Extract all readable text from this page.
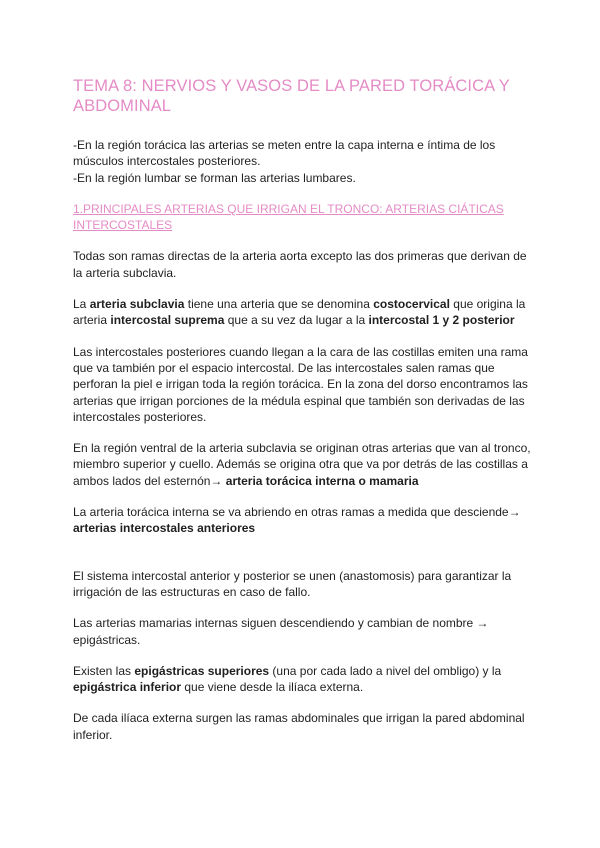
TEMA 8: NERVIOS Y VASOS DE LA PARED TORÁCICA Y ABDOMINAL

-En la región torácica las arterias se meten entre la capa interna e íntima de los músculos intercostales posteriores.

-En la región lumbar se forman las arterias lumbares.

1.PRINCIPALES ARTERIAS QUE IRRIGAN EL TRONCO: ARTERIAS CIÁTICAS INTERCOSTALES

Todas son ramas directas de la arteria aorta excepto las dos primeras que derivan de la arteria subclavia.

La arteria subclavia tiene una arteria que se denomina costocervical que origina la arteria intercostal suprema que a su vez da lugar a la intercostal 1 y 2 posterior

Las intercostales posteriores cuando llegan a la cara de las costillas emiten una rama que va también por el espacio intercostal. De las intercostales salen ramas que perforan la piel e irrigan toda la región torácica. En la zona del dorso encontramos las arterias que irrigan porciones de la médula espinal que también son derivadas de las intercostales posteriores.

En la región ventral de la arteria subclavia se originan otras arterias que van al tronco, miembro superior y cuello. Además se origina otra que va por detrás de las costillas a ambos lados del esternón→ arteria torácica interna o mamaria

La arteria torácica interna se va abriendo en otras ramas a medida que desciende→ arterias intercostales anteriores

El sistema intercostal anterior y posterior se unen (anastomosis) para garantizar la irrigación de las estructuras en caso de fallo.

Las arterias mamarias internas siguen descendiendo y cambian de nombre → epigástricas.

Existen las epigástricas superiores (una por cada lado a nivel del ombligo) y la epigástrica inferior que viene desde la ilíaca externa.

De cada ilíaca externa surgen las ramas abdominales que irrigan la pared abdominal inferior.
